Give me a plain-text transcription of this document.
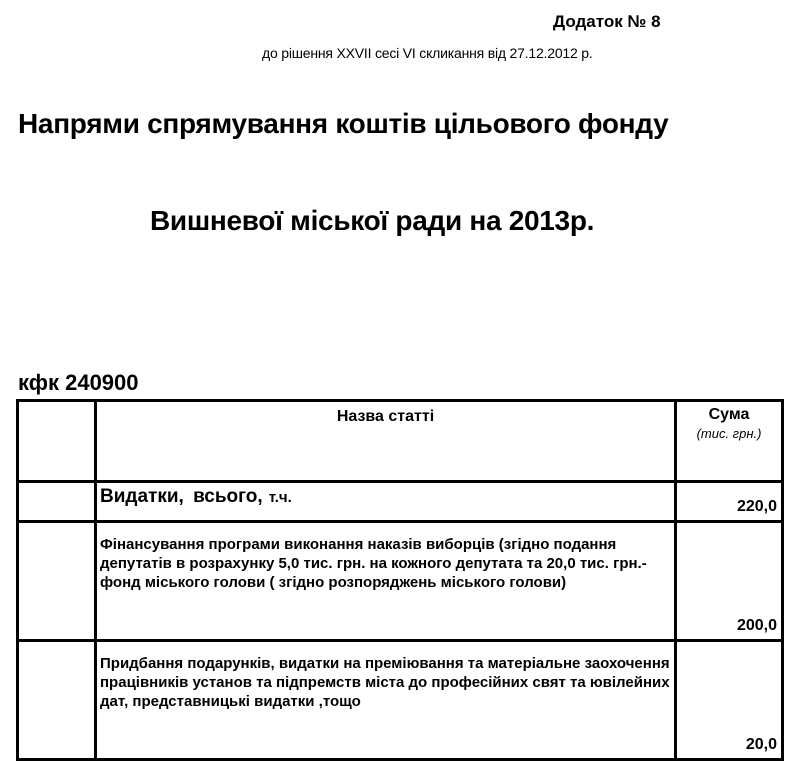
Додаток № 8
до рішення XXVII сесі VI скликання від 27.12.2012 р.
Напрями спрямування коштів цільового фонду
Вишневої міської ради на 2013р.
кфк 240900
	Назва статті	Сума
(тис. грн.)

	Видатки, всього, т.ч.	220,0

	Фінансування програми виконання наказів виборців (згідно подання депутатів в розрахунку 5,0 тис. грн. на кожного депутата та 20,0 тис. грн.- фонд міського голови ( згідно розпоряджень міського голови)	200,0

	Придбання подарунків, видатки на преміювання та матеріальне заохочення працівників установ та підпремств міста до професійних свят та ювілейних дат, представницькі видатки ,тощо	20,0
